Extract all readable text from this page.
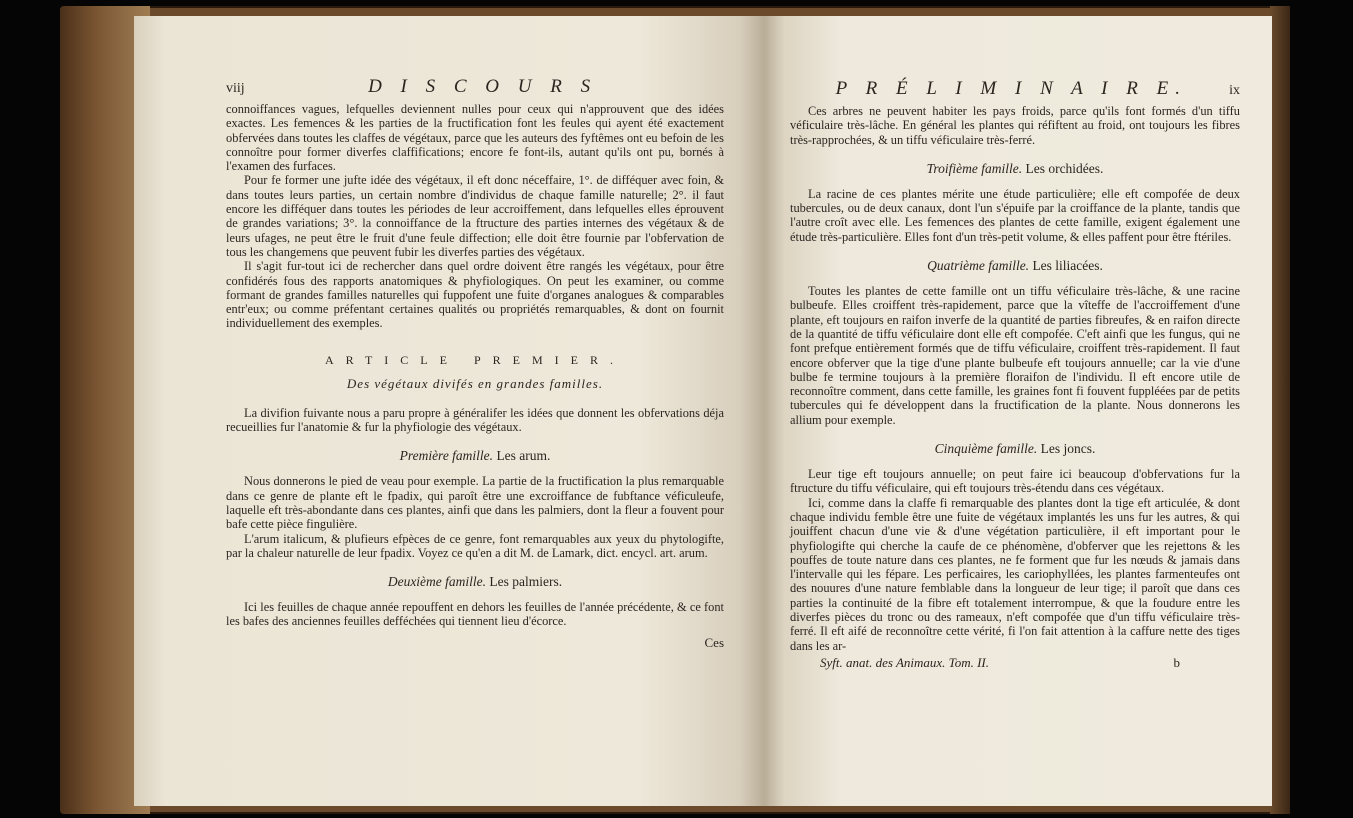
viij	D I S C O U R S

connoiffances vagues, lefquelles deviennent nulles pour ceux qui n'approuvent que des idées exactes. Les femences & les parties de la fructification font les feules qui ayent été exactement obfervées dans toutes les claffes de végétaux, parce que les auteurs des fyftêmes ont eu befoin de les connoître pour former diverfes claffifications; encore fe font-ils, autant qu'ils ont pu, bornés à l'examen des furfaces.

Pour fe former une jufte idée des végétaux, il eft donc néceffaire, 1°. de difféquer avec foin, & dans toutes leurs parties, un certain nombre d'individus de chaque famille naturelle; 2°. il faut encore les difféquer dans toutes les périodes de leur accroiffement, dans lefquelles elles éprouvent de grandes variations; 3°. la connoiffance de la ftructure des parties internes des végétaux & de leurs ufages, ne peut être le fruit d'une feule diffection; elle doit être fournie par l'obfervation de tous les changemens que peuvent fubir les diverfes parties des végétaux.

Il s'agit fur-tout ici de rechercher dans quel ordre doivent être rangés les végétaux, pour être confidérés fous des rapports anatomiques & phyfiologiques. On peut les examiner, ou comme formant de grandes familles naturelles qui fuppofent une fuite d'organes analogues & comparables entr'eux; ou comme préfentant certaines qualités ou propriétés remarquables, & dont on fournit individuellement des exemples.

ARTICLE PREMIER.
Des végétaux divifés en grandes familles.

La divifion fuivante nous a paru propre à généralifer les idées que donnent les obfervations déja recueillies fur l'anatomie & fur la phyfiologie des végétaux.

Première famille. Les arum.

Nous donnerons le pied de veau pour exemple. La partie de la fructification la plus remarquable dans ce genre de plante eft le fpadix, qui paroît être une excroiffance de fubftance véficuleufe, laquelle eft très-abondante dans ces plantes, ainfi que dans les palmiers, dont la fleur a fouvent pour bafe cette pièce fingulière.

L'arum italicum, & plufieurs efpèces de ce genre, font remarquables aux yeux du phytologifte, par la chaleur naturelle de leur fpadix. Voyez ce qu'en a dit M. de Lamark, dict. encycl. art. arum.

Deuxième famille. Les palmiers.

Ici les feuilles de chaque année repouffent en dehors les feuilles de l'année précédente, & ce font les bafes des anciennes feuilles defféchées qui tiennent lieu d'écorce.

Ces

P R É L I M I N A I R E.	ix

Ces arbres ne peuvent habiter les pays froids, parce qu'ils font formés d'un tiffu véficulaire très-lâche. En général les plantes qui réfiftent au froid, ont toujours les fibres très-rapprochées, & un tiffu véficulaire très-ferré.

Troifième famille. Les orchidées.

La racine de ces plantes mérite une étude particulière; elle eft compofée de deux tubercules, ou de deux canaux, dont l'un s'épuife par la croiffance de la plante, tandis que l'autre croît avec elle. Les femences des plantes de cette famille, exigent également une étude très-particulière. Elles font d'un très-petit volume, & elles paffent pour être ftériles.

Quatrième famille. Les liliacées.

Toutes les plantes de cette famille ont un tiffu véficulaire très-lâche, & une racine bulbeufe. Elles croiffent très-rapidement, parce que la vîteffe de l'accroiffement d'une plante, eft toujours en raifon inverfe de la quantité de parties fibreufes, & en raifon directe de la quantité de tiffu véficulaire dont elle eft compofée. C'eft ainfi que les fungus, qui ne font prefque entièrement formés que de tiffu véficulaire, croiffent très-rapidement. Il faut encore obferver que la tige d'une plante bulbeufe eft toujours annuelle; car la vie d'une bulbe fe termine toujours à la première floraifon de l'individu. Il eft encore utile de reconnoître comment, dans cette famille, les graines font fi fouvent fuppléées par de petits tubercules qui fe développent dans la fructification de la plante. Nous donnerons les allium pour exemple.

Cinquième famille. Les joncs.

Leur tige eft toujours annuelle; on peut faire ici beaucoup d'obfervations fur la ftructure du tiffu véficulaire, qui eft toujours très-étendu dans ces végétaux.

Ici, comme dans la claffe fi remarquable des plantes dont la tige eft articulée, & dont chaque individu femble être une fuite de végétaux implantés les uns fur les autres, & qui jouiffent chacun d'une vie & d'une végétation particulière, il eft important pour le phyfiologifte qui cherche la caufe de ce phénomène, d'obferver que les rejettons & les pouffes de toute nature dans ces plantes, ne fe forment que fur les nœuds & jamais dans l'intervalle qui les fépare. Les perficaires, les cariophyllées, les plantes farmenteufes ont des nouures d'une nature femblable dans la longueur de leur tige; il paroît que dans ces parties la continuité de la fibre eft totalement interrompue, & que la foudure entre les diverfes pièces du tronc ou des rameaux, n'eft compofée que d'un tiffu véficulaire très-ferré. Il eft aifé de reconnoître cette vérité, fi l'on fait attention à la caffure nette des tiges dans les ar-

Syft. anat. des Animaux. Tom. II.	b
